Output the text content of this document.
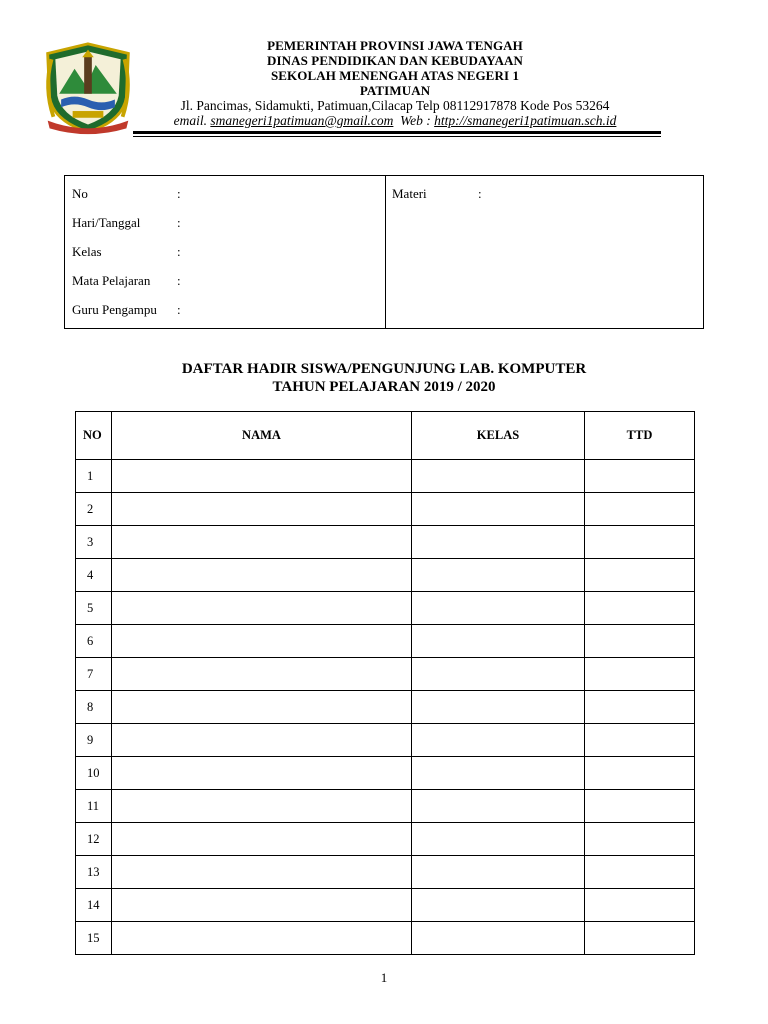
PEMERINTAH PROVINSI JAWA TENGAH
DINAS PENDIDIKAN DAN KEBUDAYAAN
SEKOLAH MENENGAH ATAS NEGERI 1
PATIMUAN
Jl. Pancimas, Sidamukti, Patimuan,Cilacap Telp 08112917878 Kode Pos 53264
email. smanegeri1patimuan@gmail.com Web : http://smanegeri1patimuan.sch.id
No	:
Hari/Tanggal	:
Kelas	:
Mata Pelajaran :
Guru Pengampu :
Materi	:
DAFTAR HADIR SISWA/PENGUNJUNG LAB. KOMPUTER
TAHUN PELAJARAN 2019 / 2020
NO	NAMA	KELAS	TTD
1			
2			
3			
4			
5			
6			
7			
8			
9			
10			
11			
12			
13			
14			
15			
1
